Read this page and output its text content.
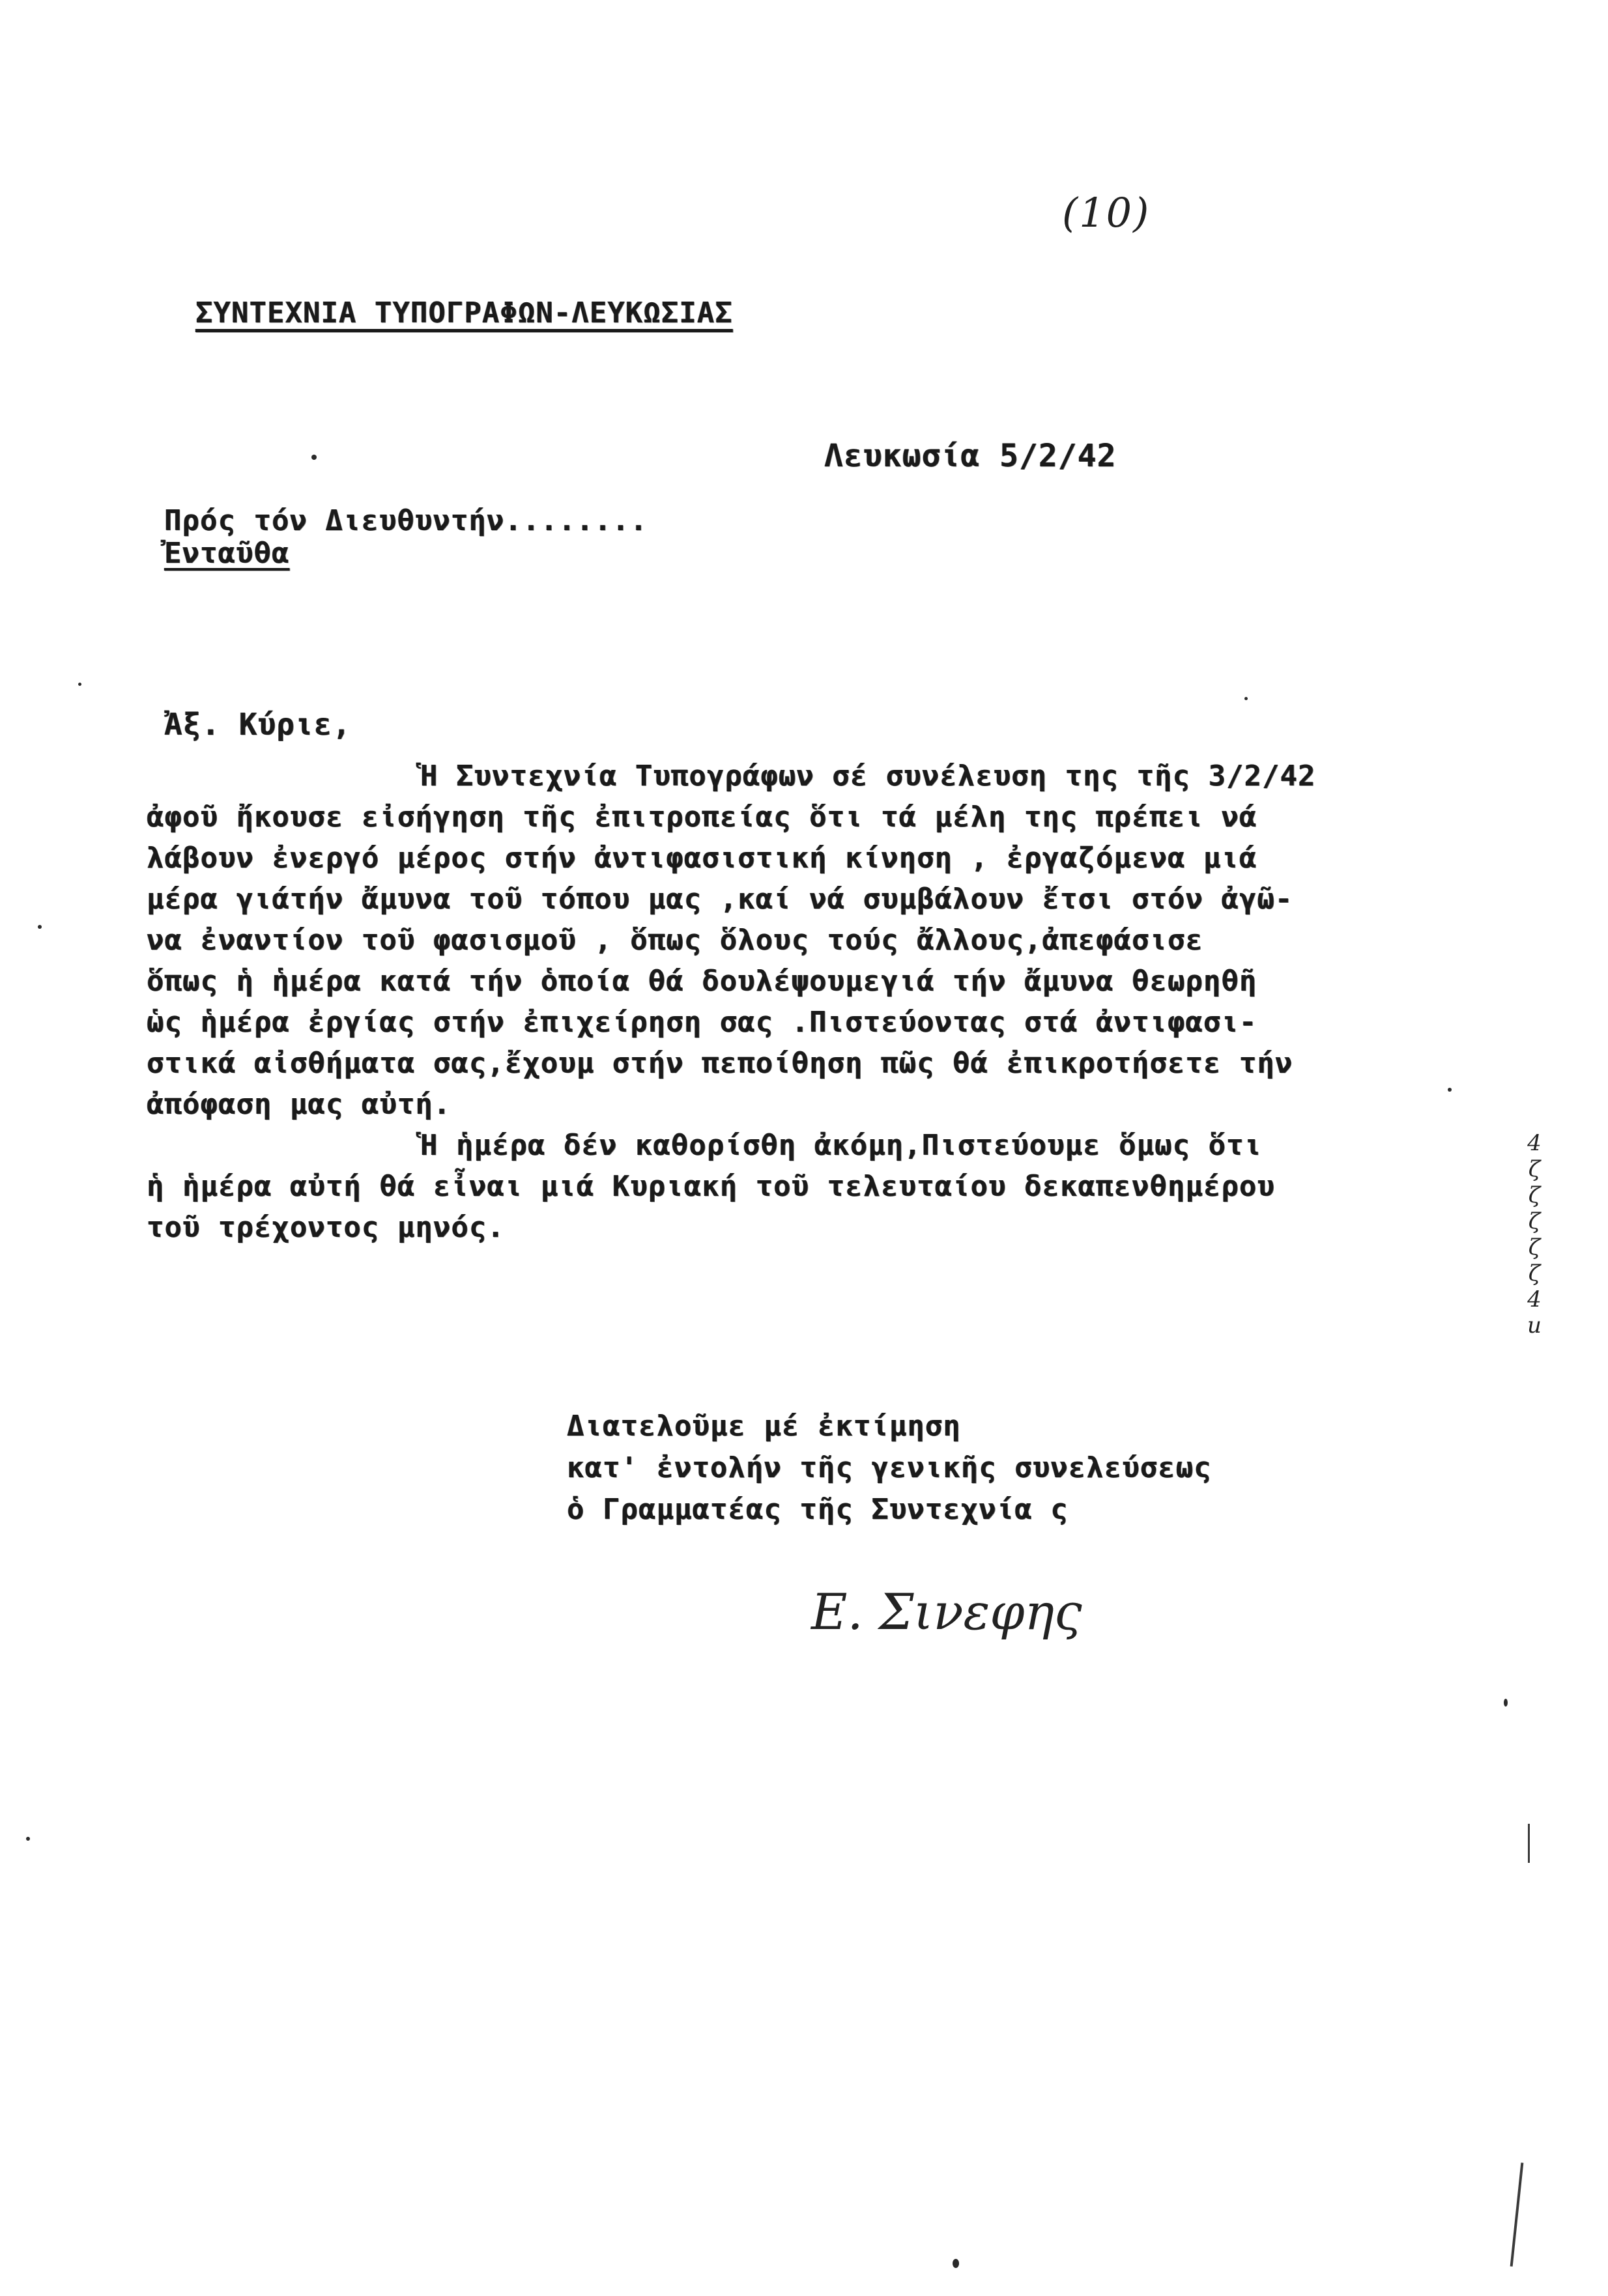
(10)
ΣΥΝΤΕΧΝΙΑ ΤΥΠΟΓΡΑΦΩΝ-ΛΕΥΚΩΣΙΑΣ
Λευκωσία 5/2/42
Πρός τόν Διευθυντήν........
Ἐνταῦθα
Ἀξ. Κύριε,
Ἡ Συντεχνία Τυπογράφων σέ συνέλευση της τῆς 3/2/42
ἀφοῦ ἤκουσε εἰσήγηση τῆς ἐπιτροπείας ὅτι τά μέλη της πρέπει νά
λάβουν ἐνεργό μέρος στήν ἀντιφασιστική κίνηση , ἐργαζόμενα μιά
μέρα γιάτήν ἄμυνα τοῦ τόπου μας ,καί νά συμβάλουν ἔτσι στόν ἀγῶ-
να ἐναντίον τοῦ φασισμοῦ , ὅπως ὅλους τούς ἄλλους,ἀπεφάσισε
ὅπως ἡ ἡμέρα κατά τήν ὁποία θά δουλέψουμεγιά τήν ἄμυνα θεωρηθῆ
ὡς ἡμέρα ἐργίας στήν ἐπιχείρηση σας .Πιστεύοντας στά ἀντιφασι-
στικά αἰσθήματα σας,ἔχουμ στήν πεποίθηση πῶς θά ἐπικροτήσετε τήν
ἀπόφαση μας αὐτή.
Ἡ ἡμέρα δέν καθορίσθη ἀκόμη,Πιστεύουμε ὅμως ὅτι
ἡ ἡμέρα αὐτή θά εἶναι μιά Κυριακή τοῦ τελευταίου δεκαπενθημέρου
τοῦ τρέχοντος μηνός.
Διατελοῦμε μέ ἐκτίμηση
κατ' ἐντολήν τῆς γενικῆς συνελεύσεως
ὁ Γραμματέας τῆς Συντεχνία ς
Ε. Σινεφης
4
ζ
ζ
ζ
ζ
ζ
4
u
